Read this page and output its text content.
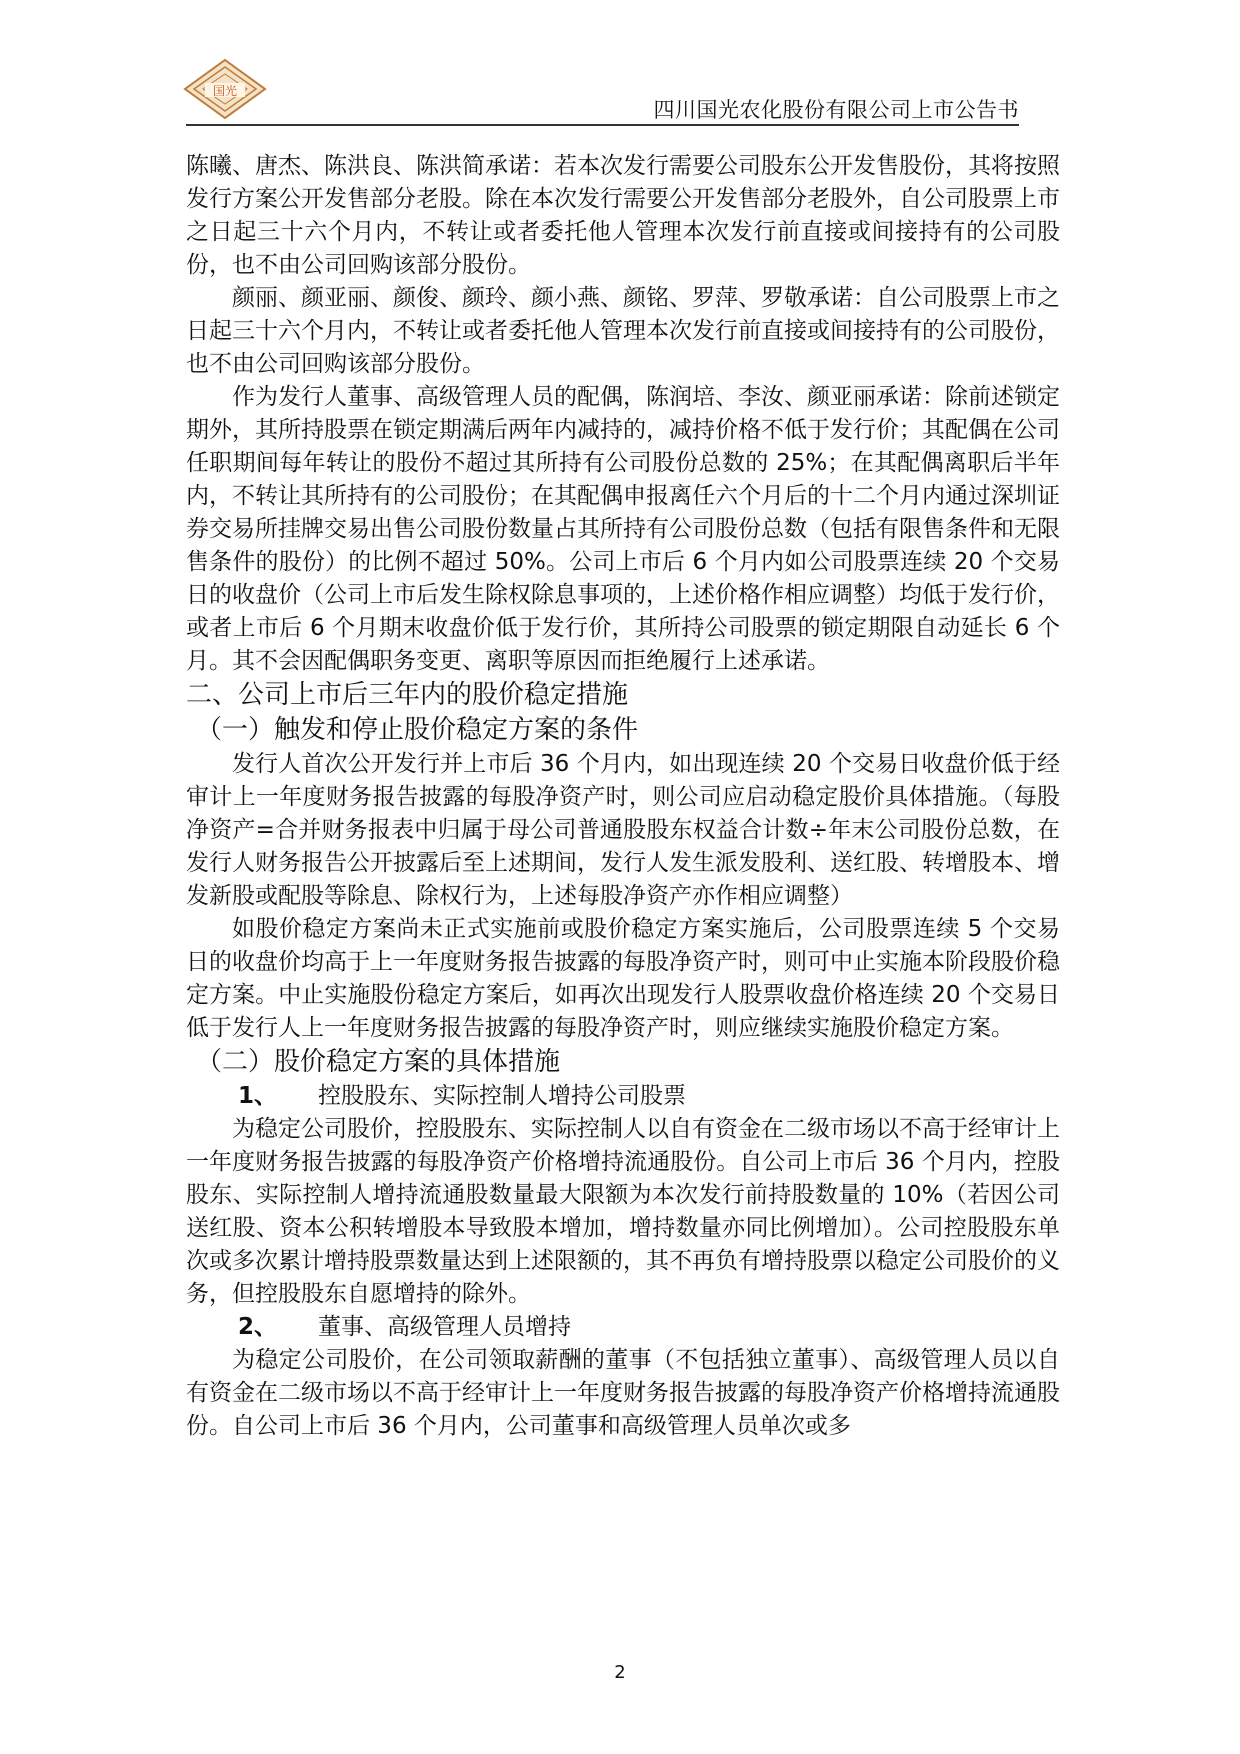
国光
四川国光农化股份有限公司上市公告书

陈曦、唐杰、陈洪良、陈洪简承诺：若本次发行需要公司股东公开发售股份，其将按照发行方案公开发售部分老股。除在本次发行需要公开发售部分老股外，自公司股票上市之日起三十六个月内，不转让或者委托他人管理本次发行前直接或间接持有的公司股份，也不由公司回购该部分股份。

颜丽、颜亚丽、颜俊、颜玲、颜小燕、颜铭、罗萍、罗敬承诺：自公司股票上市之日起三十六个月内，不转让或者委托他人管理本次发行前直接或间接持有的公司股份，也不由公司回购该部分股份。

作为发行人董事、高级管理人员的配偶，陈润培、李汝、颜亚丽承诺：除前述锁定期外，其所持股票在锁定期满后两年内减持的，减持价格不低于发行价；其配偶在公司任职期间每年转让的股份不超过其所持有公司股份总数的 25%；在其配偶离职后半年内，不转让其所持有的公司股份；在其配偶申报离任六个月后的十二个月内通过深圳证券交易所挂牌交易出售公司股份数量占其所持有公司股份总数（包括有限售条件和无限售条件的股份）的比例不超过 50%。公司上市后 6 个月内如公司股票连续 20 个交易日的收盘价（公司上市后发生除权除息事项的，上述价格作相应调整）均低于发行价，或者上市后 6 个月期末收盘价低于发行价，其所持公司股票的锁定期限自动延长 6 个月。其不会因配偶职务变更、离职等原因而拒绝履行上述承诺。

二、公司上市后三年内的股价稳定措施

（一）触发和停止股价稳定方案的条件

发行人首次公开发行并上市后 36 个月内，如出现连续 20 个交易日收盘价低于经审计上一年度财务报告披露的每股净资产时，则公司应启动稳定股价具体措施。（每股净资产=合并财务报表中归属于母公司普通股股东权益合计数÷年末公司股份总数，在发行人财务报告公开披露后至上述期间，发行人发生派发股利、送红股、转增股本、增发新股或配股等除息、除权行为，上述每股净资产亦作相应调整）

如股价稳定方案尚未正式实施前或股价稳定方案实施后，公司股票连续 5 个交易日的收盘价均高于上一年度财务报告披露的每股净资产时，则可中止实施本阶段股价稳定方案。中止实施股份稳定方案后，如再次出现发行人股票收盘价格连续 20 个交易日低于发行人上一年度财务报告披露的每股净资产时，则应继续实施股价稳定方案。

（二）股价稳定方案的具体措施

1、 控股股东、实际控制人增持公司股票

为稳定公司股价，控股股东、实际控制人以自有资金在二级市场以不高于经审计上一年度财务报告披露的每股净资产价格增持流通股份。自公司上市后 36 个月内，控股股东、实际控制人增持流通股数量最大限额为本次发行前持股数量的 10%（若因公司送红股、资本公积转增股本导致股本增加，增持数量亦同比例增加）。公司控股股东单次或多次累计增持股票数量达到上述限额的，其不再负有增持股票以稳定公司股价的义务，但控股股东自愿增持的除外。

2、 董事、高级管理人员增持

为稳定公司股价，在公司领取薪酬的董事（不包括独立董事）、高级管理人员以自有资金在二级市场以不高于经审计上一年度财务报告披露的每股净资产价格增持流通股份。自公司上市后 36 个月内，公司董事和高级管理人员单次或多

2
